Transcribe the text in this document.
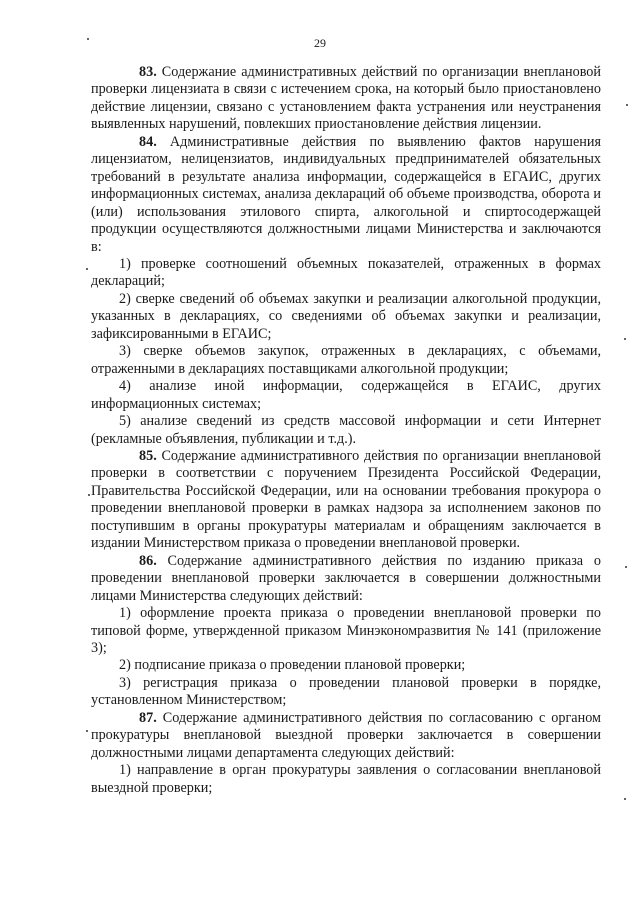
29

83. Содержание административных действий по организации внеплановой проверки лицензиата в связи с истечением срока, на который было приостановлено действие лицензии, связано с установлением факта устранения или неустранения выявленных нарушений, повлекших приостановление действия лицензии.

84. Административные действия по выявлению фактов нарушения лицензиатом, нелицензиатов, индивидуальных предпринимателей обязательных требований в результате анализа информации, содержащейся в ЕГАИС, других информационных системах, анализа деклараций об объеме производства, оборота и (или) использования этилового спирта, алкогольной и спиртосодержащей продукции осуществляются должностными лицами Министерства и заключаются в:

1) проверке соотношений объемных показателей, отраженных в формах деклараций;

2) сверке сведений об объемах закупки и реализации алкогольной продукции, указанных в декларациях, со сведениями об объемах закупки и реализации, зафиксированными в ЕГАИС;

3) сверке объемов закупок, отраженных в декларациях, с объемами, отраженными в декларациях поставщиками алкогольной продукции;

4) анализе иной информации, содержащейся в ЕГАИС, других информационных системах;

5) анализе сведений из средств массовой информации и сети Интернет (рекламные объявления, публикации и т.д.).

85. Содержание административного действия по организации внеплановой проверки в соответствии с поручением Президента Российской Федерации, Правительства Российской Федерации, или на основании требования прокурора о проведении внеплановой проверки в рамках надзора за исполнением законов по поступившим в органы прокуратуры материалам и обращениям заключается в издании Министерством приказа о проведении внеплановой проверки.

86. Содержание административного действия по изданию приказа о проведении внеплановой проверки заключается в совершении должностными лицами Министерства следующих действий:

1) оформление проекта приказа о проведении внеплановой проверки по типовой форме, утвержденной приказом Минэкономразвития № 141 (приложение 3);

2) подписание приказа о проведении плановой проверки;

3) регистрация приказа о проведении плановой проверки в порядке, установленном Министерством;

87. Содержание административного действия по согласованию с органом прокуратуры внеплановой выездной проверки заключается в совершении должностными лицами департамента следующих действий:

1) направление в орган прокуратуры заявления о согласовании внеплановой выездной проверки;
